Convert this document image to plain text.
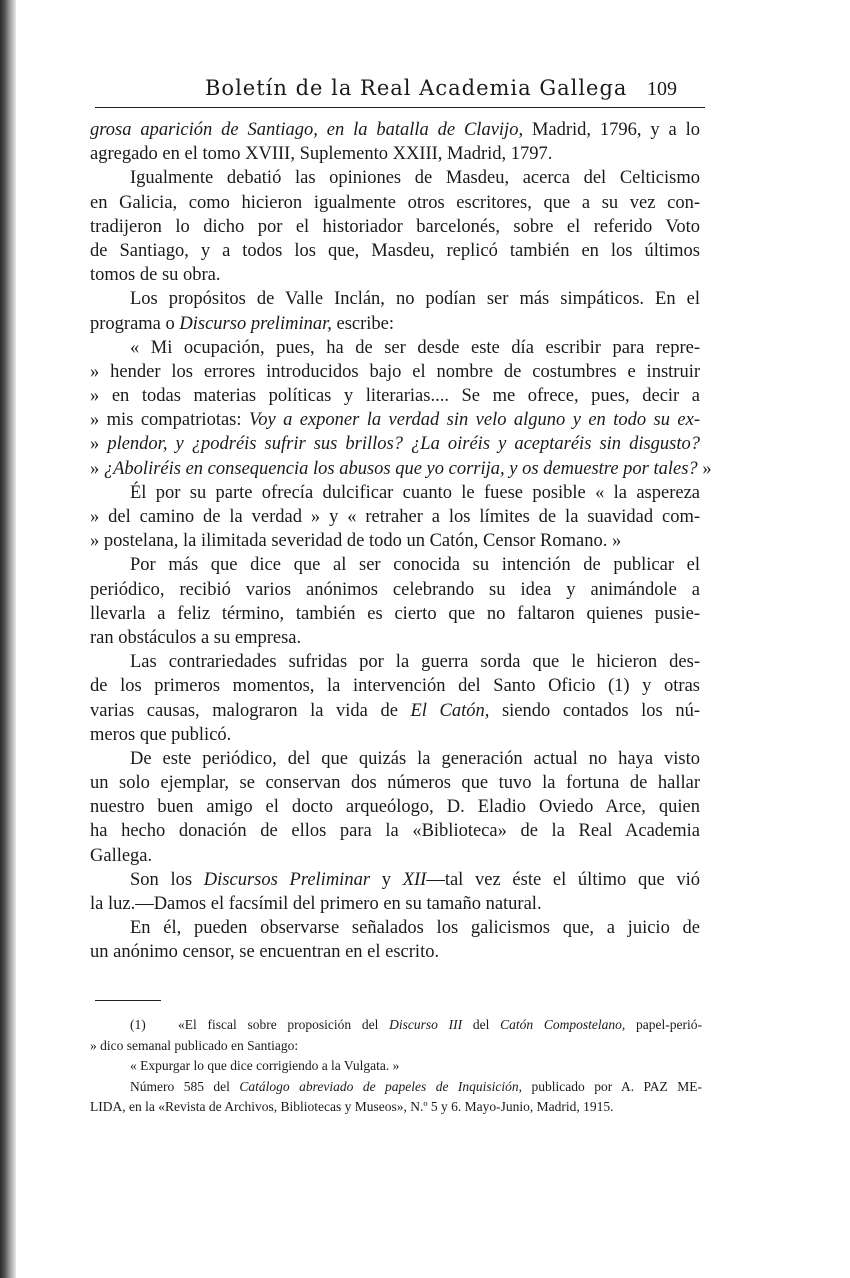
Boletín de la Real Academia Gallega 109
grosa aparición de Santiago, en la batalla de Clavijo, Madrid, 1796, y a lo
agregado en el tomo XVIII, Suplemento XXIII, Madrid, 1797.
Igualmente debatió las opiniones de Masdeu, acerca del Celticismo
en Galicia, como hicieron igualmente otros escritores, que a su vez con-
tradijeron lo dicho por el historiador barcelonés, sobre el referido Voto
de Santiago, y a todos los que, Masdeu, replicó también en los últimos
tomos de su obra.
Los propósitos de Valle Inclán, no podían ser más simpáticos. En el
programa o Discurso preliminar, escribe:
« Mi ocupación, pues, ha de ser desde este día escribir para repre-
» hender los errores introducidos bajo el nombre de costumbres e instruir
» en todas materias políticas y literarias.... Se me ofrece, pues, decir a
» mis compatriotas: Voy a exponer la verdad sin velo alguno y en todo su ex-
» plendor, y ¿podréis sufrir sus brillos? ¿La oiréis y aceptaréis sin disgusto?
» ¿Aboliréis en consequencia los abusos que yo corrija, y os demuestre por tales? »
Él por su parte ofrecía dulcificar cuanto le fuese posible « la aspereza
» del camino de la verdad » y « retraher a los límites de la suavidad com-
» postelana, la ilimitada severidad de todo un Catón, Censor Romano. »
Por más que dice que al ser conocida su intención de publicar el
periódico, recibió varios anónimos celebrando su idea y animándole a
llevarla a feliz término, también es cierto que no faltaron quienes pusie-
ran obstáculos a su empresa.
Las contrariedades sufridas por la guerra sorda que le hicieron des-
de los primeros momentos, la intervención del Santo Oficio (1) y otras
varias causas, malograron la vida de El Catón, siendo contados los nú-
meros que publicó.
De este periódico, del que quizás la generación actual no haya visto
un solo ejemplar, se conservan dos números que tuvo la fortuna de hallar
nuestro buen amigo el docto arqueólogo, D. Eladio Oviedo Arce, quien
ha hecho donación de ellos para la «Biblioteca» de la Real Academia
Gallega.
Son los Discursos Preliminar y XII —tal vez éste el último que vió
la luz.—Damos el facsímil del primero en su tamaño natural.
En él, pueden observarse señalados los galicismos que, a juicio de
un anónimo censor, se encuentran en el escrito.
(1)   «El fiscal sobre proposición del Discurso III del Catón Compostelano, papel-perió-
» dico semanal publicado en Santiago:
« Expurgar lo que dice corrigiendo a la Vulgata. »
Número 585 del Catálogo abreviado de papeles de Inquisición, publicado por A. PAZ ME-
LIDA, en la «Revista de Archivos, Bibliotecas y Museos», N.º 5 y 6. Mayo-Junio, Madrid, 1915.
